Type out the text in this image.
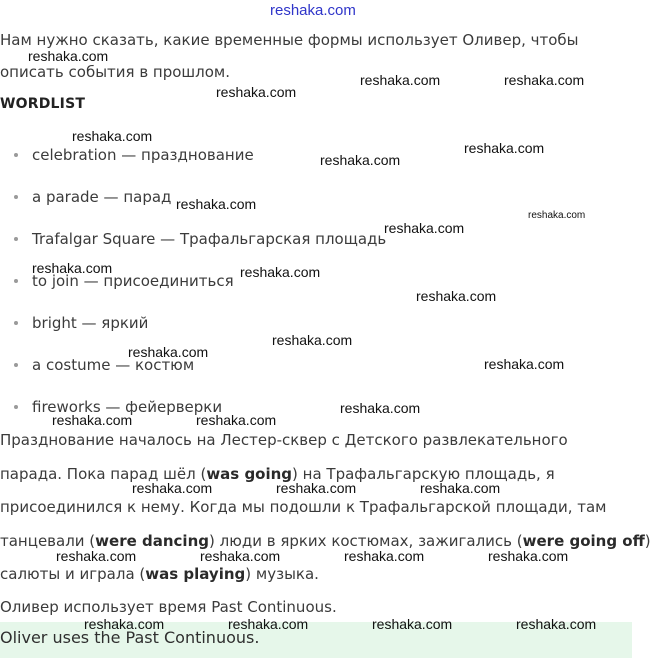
reshaka.com
reshaka.com
reshaka.com	reshaka.com
reshaka.com
reshaka.com
reshaka.com
reshaka.com
reshaka.com
reshaka.com
reshaka.com
reshaka.com	reshaka.com
reshaka.com
reshaka.com
reshaka.com
reshaka.com
reshaka.com
reshaka.com	reshaka.com
reshaka.com	reshaka.com	reshaka.com
reshaka.com	reshaka.com	reshaka.com	reshaka.com
Нам нужно сказать, какие временные формы использует Оливер, чтобы
описать события в прошлом.
WORDLIST
celebration — празднование
a parade — парад
Trafalgar Square — Трафальгарская площадь
to join — присоединиться
bright — яркий
a costume — костюм
fireworks — фейерверки
Празднование началось на Лестер-сквер с Детского развлекательного
парада. Пока парад шёл (was going) на Трафальгарскую площадь, я
присоединился к нему. Когда мы подошли к Трафальгарской площади, там
танцевали (were dancing) люди в ярких костюмах, зажигались (were going off)
салюты и играла (was playing) музыка.
Оливер использует время Past Continuous.
Oliver uses the Past Continuous.
reshaka.com	reshaka.com	reshaka.com	reshaka.com
